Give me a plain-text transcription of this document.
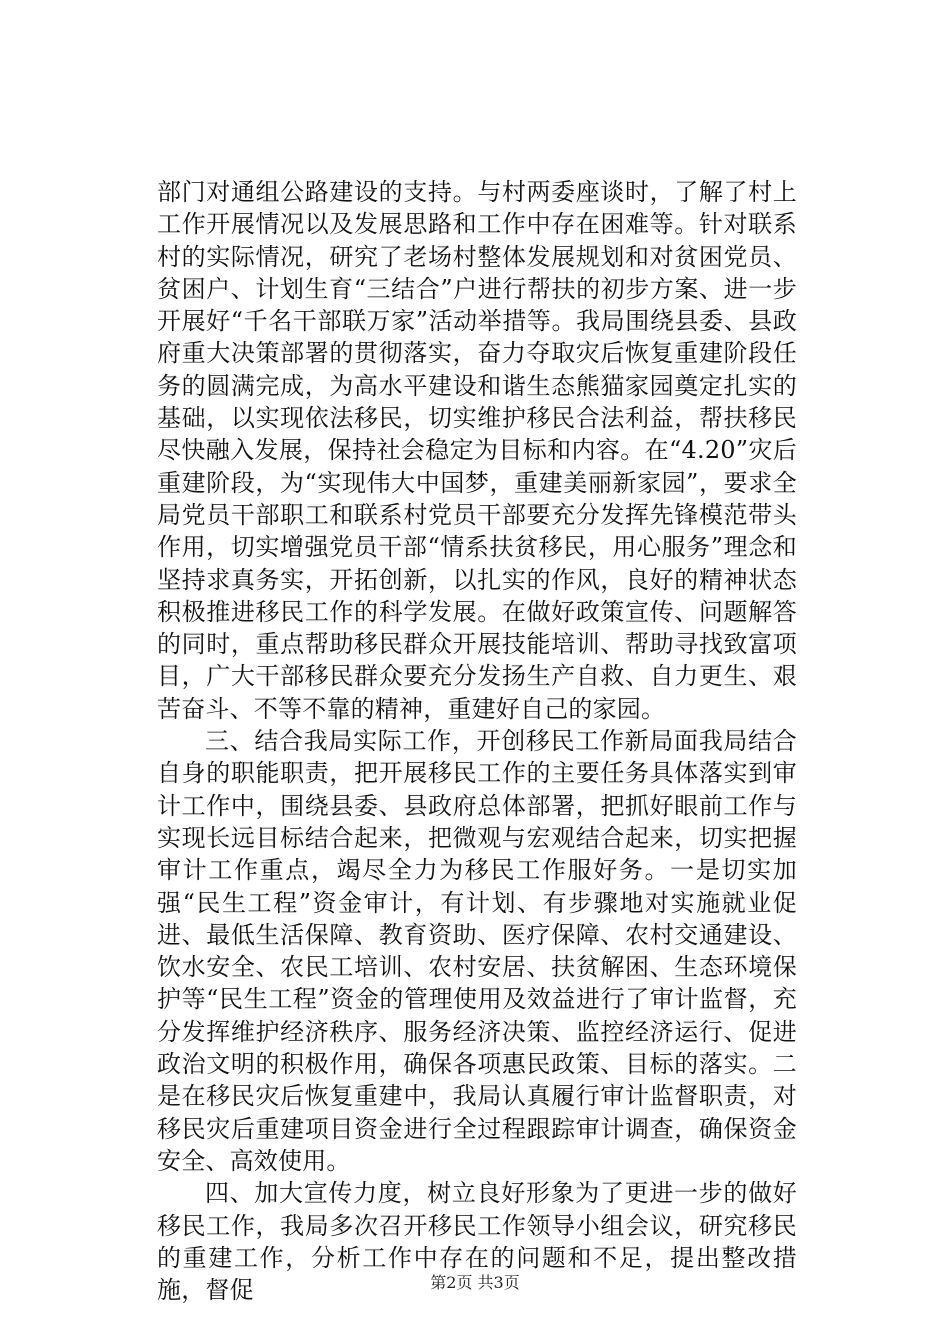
部门对通组公路建设的支持。与村两委座谈时，了解了村上工作开展情况以及发展思路和工作中存在困难等。针对联系村的实际情况，研究了老场村整体发展规划和对贫困党员、贫困户、计划生育“三结合”户进行帮扶的初步方案、进一步开展好“千名干部联万家”活动举措等。我局围绕县委、县政府重大决策部署的贯彻落实，奋力夺取灾后恢复重建阶段任务的圆满完成，为高水平建设和谐生态熊猫家园奠定扎实的基础，以实现依法移民，切实维护移民合法利益，帮扶移民尽快融入发展，保持社会稳定为目标和内容。在“4.20”灾后重建阶段，为“实现伟大中国梦，重建美丽新家园”，要求全局党员干部职工和联系村党员干部要充分发挥先锋模范带头作用，切实增强党员干部“情系扶贫移民，用心服务”理念和坚持求真务实，开拓创新，以扎实的作风，良好的精神状态积极推进移民工作的科学发展。在做好政策宣传、问题解答的同时，重点帮助移民群众开展技能培训、帮助寻找致富项目，广大干部移民群众要充分发扬生产自救、自力更生、艰苦奋斗、不等不靠的精神，重建好自己的家园。

三、结合我局实际工作，开创移民工作新局面我局结合自身的职能职责，把开展移民工作的主要任务具体落实到审计工作中，围绕县委、县政府总体部署，把抓好眼前工作与实现长远目标结合起来，把微观与宏观结合起来，切实把握审计工作重点，竭尽全力为移民工作服好务。一是切实加强“民生工程”资金审计，有计划、有步骤地对实施就业促进、最低生活保障、教育资助、医疗保障、农村交通建设、饮水安全、农民工培训、农村安居、扶贫解困、生态环境保护等“民生工程”资金的管理使用及效益进行了审计监督，充分发挥维护经济秩序、服务经济决策、监控经济运行、促进政治文明的积极作用，确保各项惠民政策、目标的落实。二是在移民灾后恢复重建中，我局认真履行审计监督职责，对移民灾后重建项目资金进行全过程跟踪审计调查，确保资金安全、高效使用。

四、加大宣传力度，树立良好形象为了更进一步的做好移民工作，我局多次召开移民工作领导小组会议，研究移民的重建工作，分析工作中存在的问题和不足，提出整改措施，督促	第2页 共3页
